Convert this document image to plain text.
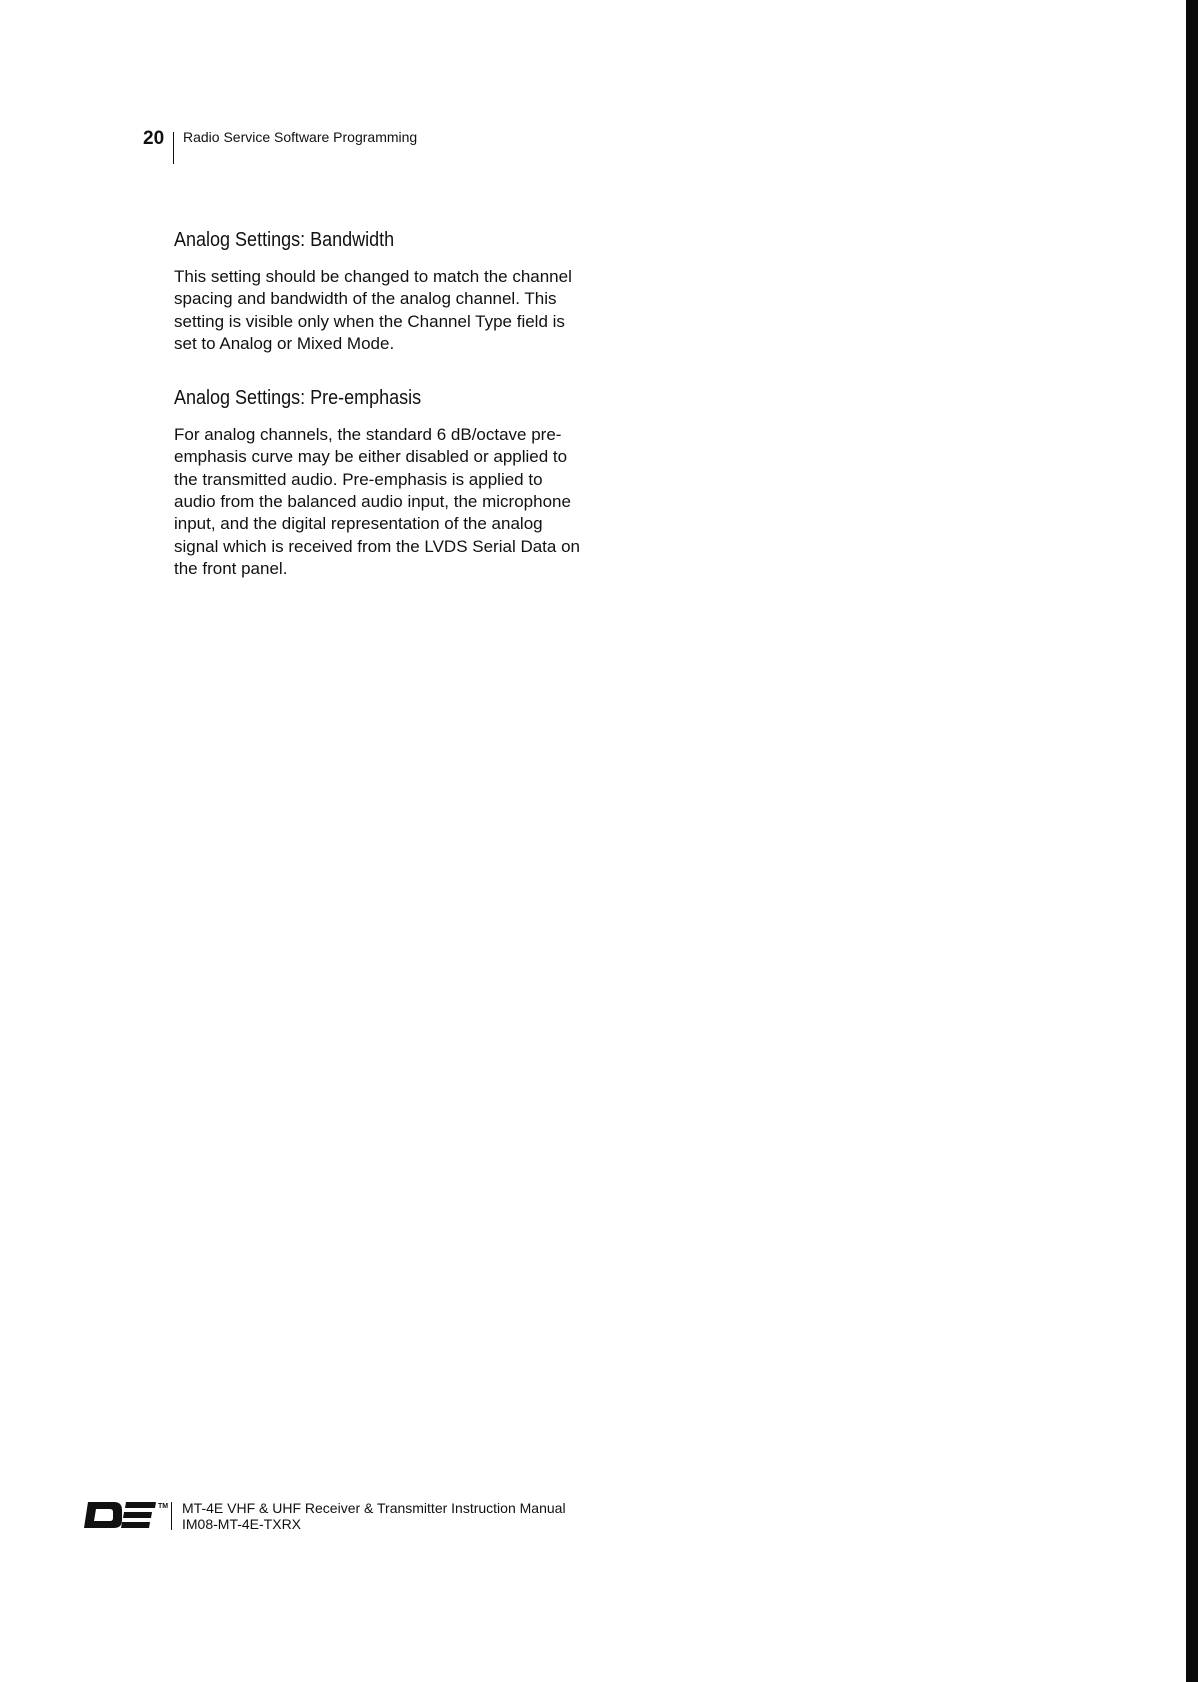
20 Radio Service Software Programming
Analog Settings: Bandwidth

This setting should be changed to match the channel spacing and bandwidth of the analog channel. This setting is visible only when the Channel Type field is set to Analog or Mixed Mode.

Analog Settings: Pre-emphasis

For analog channels, the standard 6 dB/octave pre-emphasis curve may be either disabled or applied to the transmitted audio. Pre-emphasis is applied to audio from the balanced audio input, the microphone input, and the digital representation of the analog signal which is received from the LVDS Serial Data on the front panel.

TM MT-4E VHF & UHF Receiver & Transmitter Instruction Manual
IM08-MT-4E-TXRX
